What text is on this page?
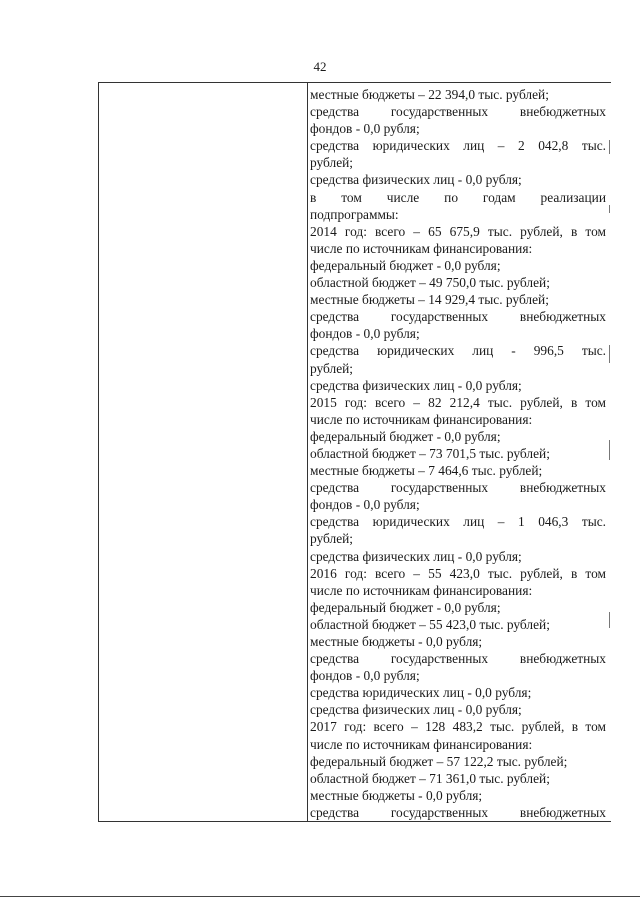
42
местные бюджеты – 22 394,0 тыс. рублей;
средства государственных внебюджетных
фондов - 0,0 рубля;
средства юридических лиц – 2 042,8 тыс.
рублей;
средства физических лиц - 0,0 рубля;
в том числе по годам реализации
подпрограммы:
2014 год: всего – 65 675,9 тыс. рублей, в том
числе по источникам финансирования:
федеральный бюджет - 0,0 рубля;
областной бюджет – 49 750,0 тыс. рублей;
местные бюджеты – 14 929,4 тыс. рублей;
средства государственных внебюджетных
фондов - 0,0 рубля;
средства юридических лиц - 996,5 тыс.
рублей;
средства физических лиц - 0,0 рубля;
2015 год: всего – 82 212,4 тыс. рублей, в том
числе по источникам финансирования:
федеральный бюджет - 0,0 рубля;
областной бюджет – 73 701,5 тыс. рублей;
местные бюджеты – 7 464,6 тыс. рублей;
средства государственных внебюджетных
фондов - 0,0 рубля;
средства юридических лиц – 1 046,3 тыс.
рублей;
средства физических лиц - 0,0 рубля;
2016 год: всего – 55 423,0 тыс. рублей, в том
числе по источникам финансирования:
федеральный бюджет - 0,0 рубля;
областной бюджет – 55 423,0 тыс. рублей;
местные бюджеты - 0,0 рубля;
средства государственных внебюджетных
фондов - 0,0 рубля;
средства юридических лиц - 0,0 рубля;
средства физических лиц - 0,0 рубля;
2017 год: всего – 128 483,2 тыс. рублей, в том
числе по источникам финансирования:
федеральный бюджет – 57 122,2 тыс. рублей;
областной бюджет – 71 361,0 тыс. рублей;
местные бюджеты - 0,0 рубля;
средства государственных внебюджетных
